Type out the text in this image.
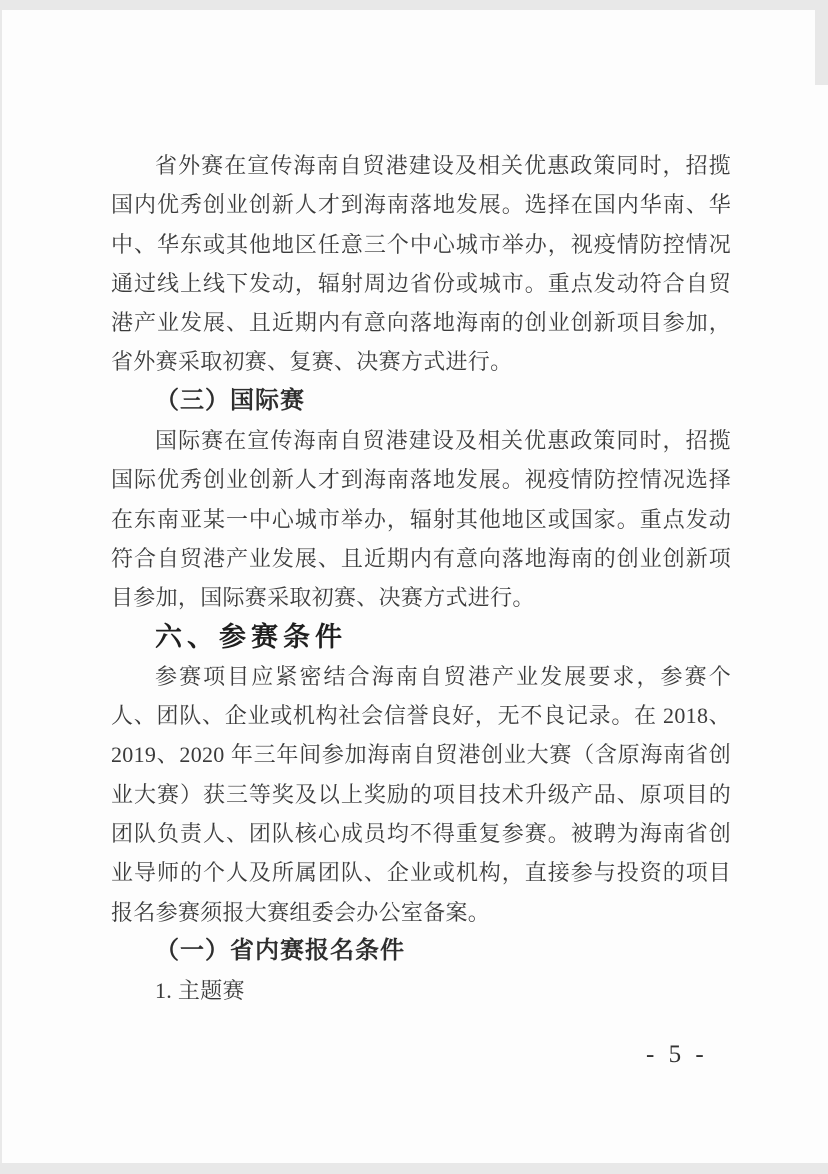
省外赛在宣传海南自贸港建设及相关优惠政策同时，招揽国内优秀创业创新人才到海南落地发展。选择在国内华南、华中、华东或其他地区任意三个中心城市举办，视疫情防控情况通过线上线下发动，辐射周边省份或城市。重点发动符合自贸港产业发展、且近期内有意向落地海南的创业创新项目参加，省外赛采取初赛、复赛、决赛方式进行。

（三）国际赛

国际赛在宣传海南自贸港建设及相关优惠政策同时，招揽国际优秀创业创新人才到海南落地发展。视疫情防控情况选择在东南亚某一中心城市举办，辐射其他地区或国家。重点发动符合自贸港产业发展、且近期内有意向落地海南的创业创新项目参加，国际赛采取初赛、决赛方式进行。

六、参赛条件

参赛项目应紧密结合海南自贸港产业发展要求，参赛个人、团队、企业或机构社会信誉良好，无不良记录。在 2018、2019、2020 年三年间参加海南自贸港创业大赛（含原海南省创业大赛）获三等奖及以上奖励的项目技术升级产品、原项目的团队负责人、团队核心成员均不得重复参赛。被聘为海南省创业导师的个人及所属团队、企业或机构，直接参与投资的项目报名参赛须报大赛组委会办公室备案。

（一）省内赛报名条件

1. 主题赛

- 5 -
